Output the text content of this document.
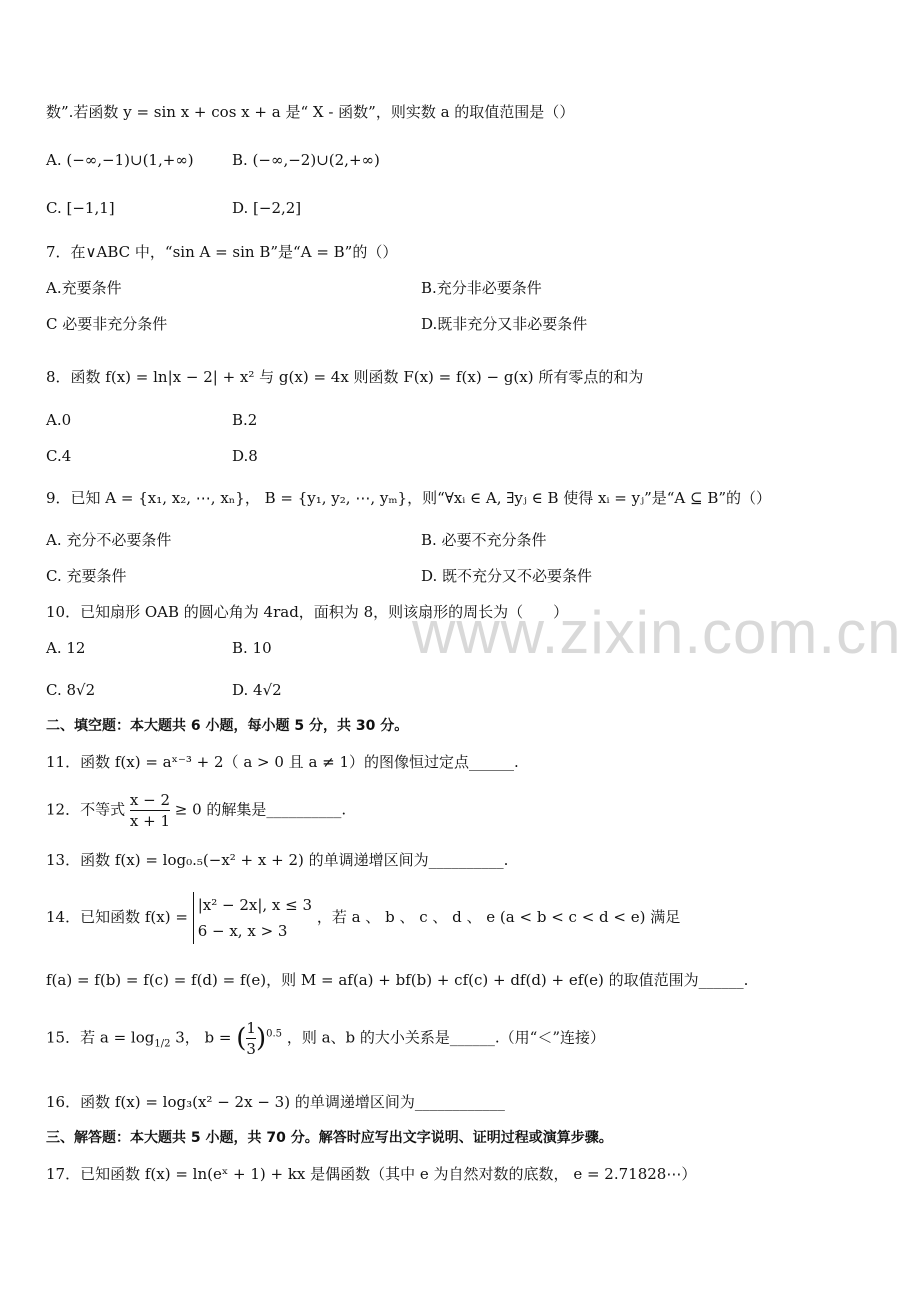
www.zixin.com.cn
数”.若函数 y = sin x + cos x + a 是“ X - 函数”，则实数 a 的取值范围是（）
A. (−∞,−1)∪(1,+∞)	B. (−∞,−2)∪(2,+∞)
C. [−1,1]	D. [−2,2]
7．在∨ABC 中，“sin A = sin B”是“A = B”的（）
A.充要条件	B.充分非必要条件
C 必要非充分条件	D.既非充分又非必要条件
8．函数 f(x) = ln|x − 2| + x² 与 g(x) = 4x 则函数 F(x) = f(x) − g(x) 所有零点的和为
A.0	B.2
C.4	D.8
9．已知 A = {x₁, x₂, ⋯, xₙ}， B = {y₁, y₂, ⋯, yₘ}，则“∀xᵢ ∈ A, ∃yⱼ ∈ B 使得 xᵢ = yⱼ”是“A ⊆ B”的（）
A. 充分不必要条件	B. 必要不充分条件
C. 充要条件	D. 既不充分又不必要条件
10．已知扇形 OAB 的圆心角为 4rad，面积为 8，则该扇形的周长为（　　）
A. 12	B. 10
C. 8√2	D. 4√2
二、填空题：本大题共 6 小题，每小题 5 分，共 30 分。
11．函数 f(x) = aˣ⁻³ + 2（ a > 0 且 a ≠ 1）的图像恒过定点______.
12．不等式 $\frac{x - 2}{x + 1} \ge 0$ 的解集是__________.
13．函数 f(x) = log₀.₅(−x² + x + 2) 的单调递增区间为__________.
14．已知函数 f(x) =
|x² − 2x|, x ≤ 3
6 − x, x > 3
，若 a 、 b 、 c 、 d 、 e (a < b < c < d < e) 满足
f(a) = f(b) = f(c) = f(d) = f(e)，则 M = af(a) + bf(b) + cf(c) + df(d) + ef(e) 的取值范围为______.
15．若 $a = \log_{1/2} 3$， b = ( $\frac{1}{3} )^{0.5}$ ，则 a、b 的大小关系是______.（用“＜”连接）
16．函数 f(x) = log₃(x² − 2x − 3) 的单调递增区间为____________
三、解答题：本大题共 5 小题，共 70 分。解答时应写出文字说明、证明过程或演算步骤。
17．已知函数 f(x) = ln(eˣ + 1) + kx 是偶函数（其中 e 为自然对数的底数， e = 2.71828⋯）
